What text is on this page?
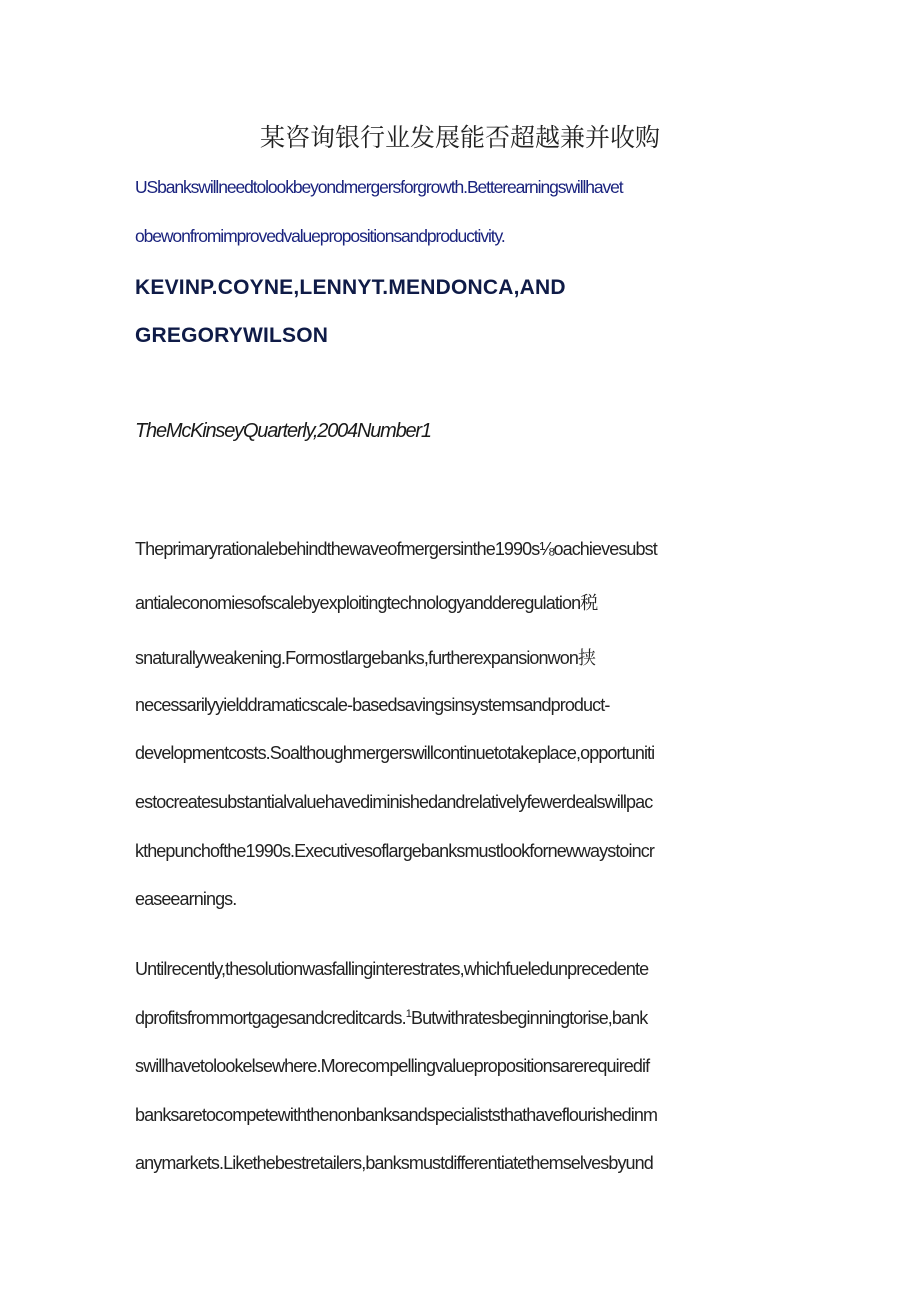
某咨询银行业发展能否超越兼并收购
USbankswillneedtolookbeyondmergersforgrowth.Betterearningswillhavet
obewonfromimprovedvaluepropositionsandproductivity.
KEVINP.COYNE,LENNYT.MENDONCA,AND
GREGORYWILSON
TheMcKinseyQuarterly,2004Number1
Theprimaryrationalebehindthewaveofmergersinthe1990s⅛oachievesubst
antialeconomiesofscalebyexploitingtechnologyandderegulation税
snaturallyweakening.Formostlargebanks,furtherexpansionwon挟
necessarilyyielddramaticscale-basedsavingsinsystemsandproduct-
developmentcosts.Soalthoughmergerswillcontinuetotakeplace,opportuniti
estocreatesubstantialvaluehavediminishedandrelativelyfewerdealswillpac
kthepunchofthe1990s.Executivesoflargebanksmustlookfornewwaystoincr
easeearnings.
Untilrecently,thesolutionwasfallinginterestrates,whichfueledunprecedente
dprofitsfrommortgagesandcreditcards.$^1$Butwithratesbeginningtorise,bank
swillhavetolookelsewhere.Morecompellingvaluepropositionsarerequiredif
banksaretocompetewiththenonbanksandspecialiststhathaveflourishedinm
anymarkets.Likethebestretailers,banksmustdifferentiatethemselvesbyund
